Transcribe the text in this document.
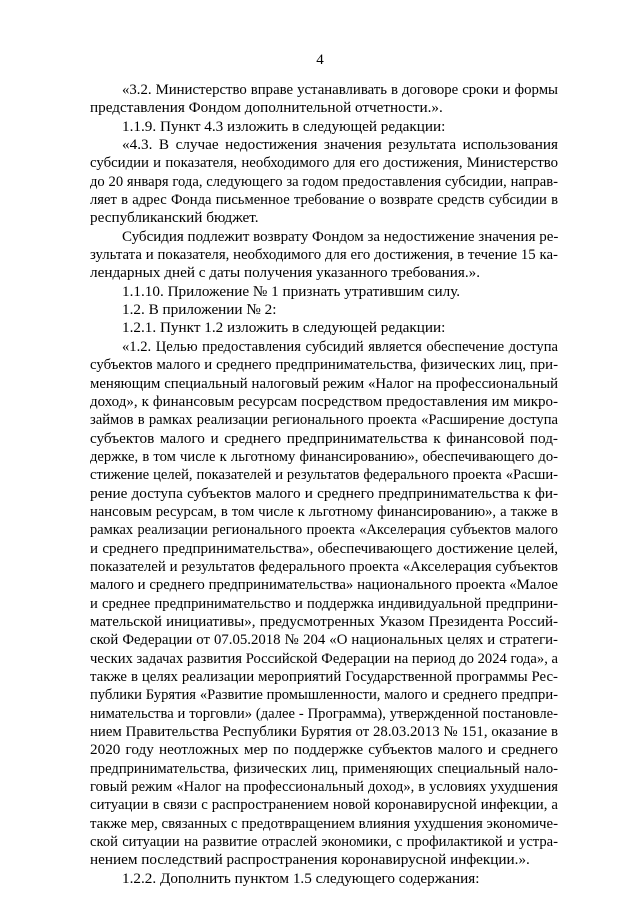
4
«3.2. Министерство вправе устанавливать в договоре сроки и формы
представления Фондом дополнительной отчетности.».
1.1.9. Пункт 4.3 изложить в следующей редакции:
«4.3. В случае недостижения значения результата использования
субсидии и показателя, необходимого для его достижения, Министерство
до 20 января года, следующего за годом предоставления субсидии, направ-
ляет в адрес Фонда письменное требование о возврате средств субсидии в
республиканский бюджет.
Субсидия подлежит возврату Фондом за недостижение значения ре-
зультата и показателя, необходимого для его достижения, в течение 15 ка-
лендарных дней с даты получения указанного требования.».
1.1.10. Приложение № 1 признать утратившим силу.
1.2. В приложении № 2:
1.2.1. Пункт 1.2 изложить в следующей редакции:
«1.2. Целью предоставления субсидий является обеспечение доступа
субъектов малого и среднего предпринимательства, физических лиц, при-
меняющим специальный налоговый режим «Налог на профессиональный
доход», к финансовым ресурсам посредством предоставления им микро-
займов в рамках реализации регионального проекта «Расширение доступа
субъектов малого и среднего предпринимательства к финансовой под-
держке, в том числе к льготному финансированию», обеспечивающего до-
стижение целей, показателей и результатов федерального проекта «Расши-
рение доступа субъектов малого и среднего предпринимательства к фи-
нансовым ресурсам, в том числе к льготному финансированию», а также в
рамках реализации регионального проекта «Акселерация субъектов малого
и среднего предпринимательства», обеспечивающего достижение целей,
показателей и результатов федерального проекта «Акселерация субъектов
малого и среднего предпринимательства» национального проекта «Малое
и среднее предпринимательство и поддержка индивидуальной предприни-
мательской инициативы», предусмотренных Указом Президента Россий-
ской Федерации от 07.05.2018 № 204 «О национальных целях и стратеги-
ческих задачах развития Российской Федерации на период до 2024 года», а
также в целях реализации мероприятий Государственной программы Рес-
публики Бурятия «Развитие промышленности, малого и среднего предпри-
нимательства и торговли» (далее - Программа), утвержденной постановле-
нием Правительства Республики Бурятия от 28.03.2013 № 151, оказание в
2020 году неотложных мер по поддержке субъектов малого и среднего
предпринимательства, физических лиц, применяющих специальный нало-
говый режим «Налог на профессиональный доход», в условиях ухудшения
ситуации в связи с распространением новой коронавирусной инфекции, а
также мер, связанных с предотвращением влияния ухудшения экономиче-
ской ситуации на развитие отраслей экономики, с профилактикой и устра-
нением последствий распространения коронавирусной инфекции.».
1.2.2. Дополнить пунктом 1.5 следующего содержания:
